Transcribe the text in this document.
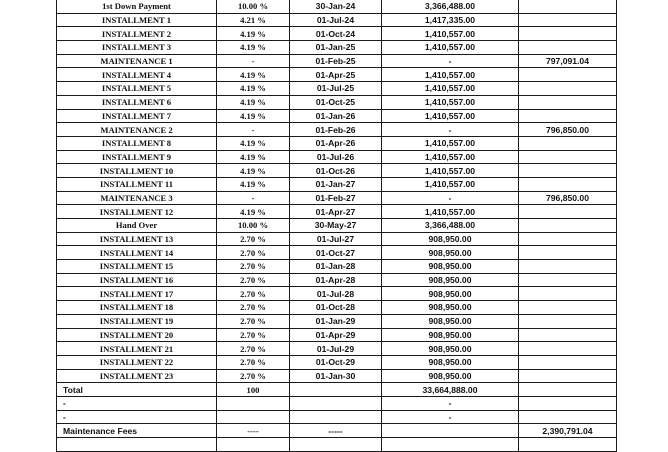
1st Down Payment	10.00 %	30-Jan-24	3,366,488.00	
INSTALLMENT 1	4.21 %	01-Jul-24	1,417,335.00	
INSTALLMENT 2	4.19 %	01-Oct-24	1,410,557.00	
INSTALLMENT 3	4.19 %	01-Jan-25	1,410,557.00	
MAINTENANCE 1	-	01-Feb-25	-	797,091.04
INSTALLMENT 4	4.19 %	01-Apr-25	1,410,557.00	
INSTALLMENT 5	4.19 %	01-Jul-25	1,410,557.00	
INSTALLMENT 6	4.19 %	01-Oct-25	1,410,557.00	
INSTALLMENT 7	4.19 %	01-Jan-26	1,410,557.00	
MAINTENANCE 2	-	01-Feb-26	-	796,850.00
INSTALLMENT 8	4.19 %	01-Apr-26	1,410,557.00	
INSTALLMENT 9	4.19 %	01-Jul-26	1,410,557.00	
INSTALLMENT 10	4.19 %	01-Oct-26	1,410,557.00	
INSTALLMENT 11	4.19 %	01-Jan-27	1,410,557.00	
MAINTENANCE 3	-	01-Feb-27	-	796,850.00
INSTALLMENT 12	4.19 %	01-Apr-27	1,410,557.00	
Hand Over	10.00 %	30-May-27	3,366,488.00	
INSTALLMENT 13	2.70 %	01-Jul-27	908,950.00	
INSTALLMENT 14	2.70 %	01-Oct-27	908,950.00	
INSTALLMENT 15	2.70 %	01-Jan-28	908,950.00	
INSTALLMENT 16	2.70 %	01-Apr-28	908,950.00	
INSTALLMENT 17	2.70 %	01-Jul-28	908,950.00	
INSTALLMENT 18	2.70 %	01-Oct-28	908,950.00	
INSTALLMENT 19	2.70 %	01-Jan-29	908,950.00	
INSTALLMENT 20	2.70 %	01-Apr-29	908,950.00	
INSTALLMENT 21	2.70 %	01-Jul-29	908,950.00	
INSTALLMENT 22	2.70 %	01-Oct-29	908,950.00	
INSTALLMENT 23	2.70 %	01-Jan-30	908,950.00	
Total	100		33,664,888.00	
-			-	
-			-	
Maintenance Fees	----	-----		2,390,791.04
